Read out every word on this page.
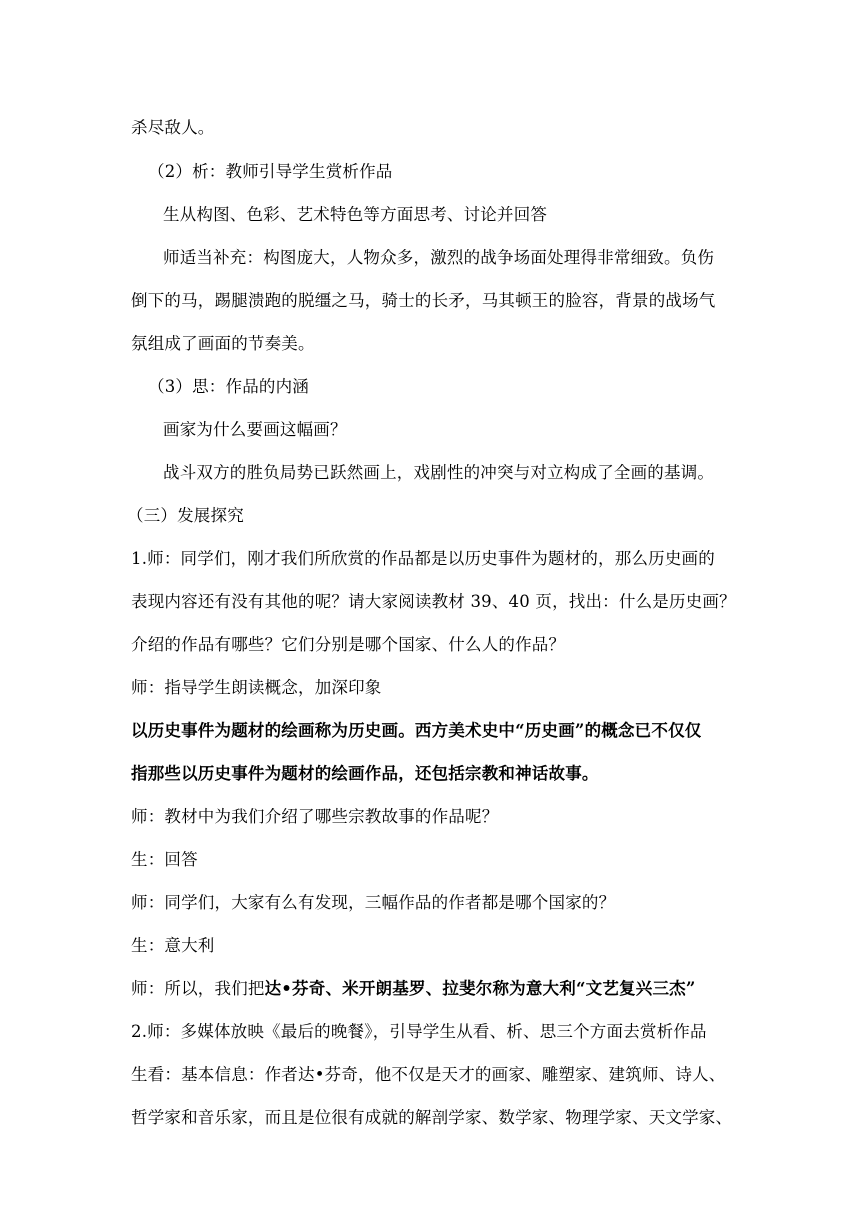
杀尽敌人。
（2）析：教师引导学生赏析作品
生从构图、色彩、艺术特色等方面思考、讨论并回答
师适当补充：构图庞大，人物众多，激烈的战争场面处理得非常细致。负伤
倒下的马，踢腿溃跑的脱缰之马，骑士的长矛，马其顿王的脸容，背景的战场气
氛组成了画面的节奏美。
（3）思：作品的内涵
画家为什么要画这幅画？
战斗双方的胜负局势已跃然画上，戏剧性的冲突与对立构成了全画的基调。
（三）发展探究
1.师：同学们，刚才我们所欣赏的作品都是以历史事件为题材的，那么历史画的
表现内容还有没有其他的呢？请大家阅读教材 39、40 页，找出：什么是历史画？
介绍的作品有哪些？它们分别是哪个国家、什么人的作品？
师：指导学生朗读概念，加深印象
以历史事件为题材的绘画称为历史画。西方美术史中“历史画”的概念已不仅仅
指那些以历史事件为题材的绘画作品，还包括宗教和神话故事。
师：教材中为我们介绍了哪些宗教故事的作品呢？
生：回答
师：同学们，大家有么有发现，三幅作品的作者都是哪个国家的？
生：意大利
师：所以，我们把达•芬奇、米开朗基罗、拉斐尔称为意大利“文艺复兴三杰”
2.师：多媒体放映《最后的晚餐》，引导学生从看、析、思三个方面去赏析作品
生看：基本信息：作者达•芬奇，他不仅是天才的画家、雕塑家、建筑师、诗人、
哲学家和音乐家，而且是位很有成就的解剖学家、数学家、物理学家、天文学家、
